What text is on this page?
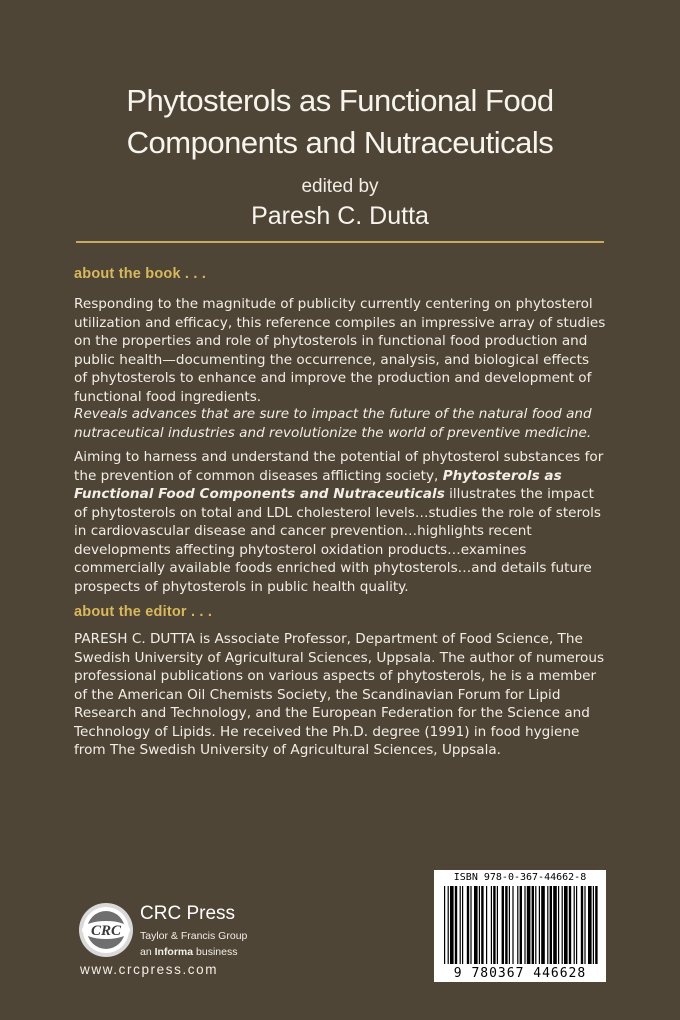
Phytosterols as Functional Food
Components and Nutraceuticals
edited by
Paresh C. Dutta
about the book . . .

Responding to the magnitude of publicity currently centering on phytosterol utilization and efficacy, this reference compiles an impressive array of studies on the properties and role of phytosterols in functional food production and public health—documenting the occurrence, analysis, and biological effects of phytosterols to enhance and improve the production and development of functional food ingredients.

Reveals advances that are sure to impact the future of the natural food and nutraceutical industries and revolutionize the world of preventive medicine.

Aiming to harness and understand the potential of phytosterol substances for the prevention of common diseases afflicting society, Phytosterols as Functional Food Components and Nutraceuticals illustrates the impact of phytosterols on total and LDL cholesterol levels…studies the role of sterols in cardiovascular disease and cancer prevention…highlights recent developments affecting phytosterol oxidation products…examines commercially available foods enriched with phytosterols…and details future prospects of phytosterols in public health quality.

about the editor . . .

PARESH C. DUTTA is Associate Professor, Department of Food Science, The Swedish University of Agricultural Sciences, Uppsala. The author of numerous professional publications on various aspects of phytosterols, he is a member of the American Oil Chemists Society, the Scandinavian Forum for Lipid Research and Technology, and the European Federation for the Science and Technology of Lipids. He received the Ph.D. degree (1991) in food hygiene from The Swedish University of Agricultural Sciences, Uppsala.

CRC
CRC Press
Taylor & Francis Group
an Informa business
www.crcpress.com
ISBN 978-0-367-44662-8
9 780367 446628
